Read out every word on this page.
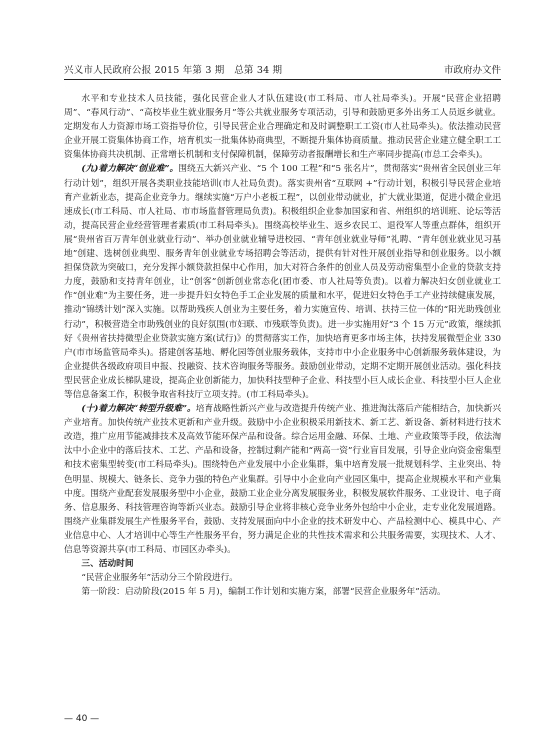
兴义市人民政府公报 2015 年第 3 期　总第 34 期	市政府办文件

水平和专业技术人员技能，强化民营企业人才队伍建设(市工科局、市人社局牵头)。开展“民营企业招聘周”、“春风行动”、“高校毕业生就业服务月”等公共就业服务专项活动，引导和鼓励更多外出务工人员返乡就业。定期发布人力资源市场工资指导价位，引导民营企业合理确定和及时调整职工工资(市人社局牵头)。依法推动民营企业开展工资集体协商工作，培育机实一批集体协商典型，不断提升集体协商质量。推动民营企业建立健全职工工资集体协商共决机制、正常增长机制和支付保障机制，保障劳动者报酬增长和生产率同步提高(市总工会牵头)。

(九)着力解决“创业难”。围绕五大新兴产业、“5 个 100 工程”和“5 张名片”，贯彻落实“贵州省全民创业三年行动计划”，组织开展各类职业技能培训(市人社局负责)。落实贵州省“互联网 +”行动计划，积极引导民营企业培育产业新业态，提高企业竞争力。继续实施“万户小老板工程”，以创业带动就业，扩大就业渠道，促进小微企业迅速成长(市工科局、市人社局、市市场监督管理局负责)。积极组织企业参加国家和省、州组织的培训班、论坛等活动，提高民营企业经营管理者素质(市工科局牵头)。围绕高校毕业生、返乡农民工、退役军人等重点群体，组织开展“贵州省百万青年创业就业行动”、举办创业就业辅导进校园、“青年创业就业导师”礼聘、“青年创业就业见习基地”创建、选树创业典型、服务青年创业就业专场招聘会等活动，提供有针对性开展创业指导和创业服务。以小额担保贷款为突破口，充分发挥小额贷款担保中心作用，加大对符合条件的创业人员及劳动密集型小企业的贷款支持力度，鼓励和支持青年创业，让“创客”创新创业常态化(团市委、市人社局等负责)。以着力解决妇女创业就业工作“创业难”为主要任务，进一步提升妇女特色手工企业发展的质量和水平，促进妇女特色手工产业持续健康发展，推动“锦绣计划”深入实施。以帮助残疾人创业为主要任务，着力实施宣传、培训、扶持三位一体的“阳光助残创业行动”，积极营造全市助残创业的良好氛围(市妇联、市残联等负责)。进一步实施用好“3 个 15 万元”政策，继续抓好《贵州省扶持微型企业贷款实施方案(试行)》的贯彻落实工作，加快培育更多市场主体，扶持发展微型企业 330 户(市市场监管局牵头)。搭建创客基地、孵化园等创业服务载体，支持市中小企业服务中心创新服务载体建设，为企业提供各级政府项目申报、投融资、技术咨询服务等服务。鼓励创业带动，定期不定期开展创业活动。强化科技型民营企业成长梯队建设，提高企业创新能力，加快科技型种子企业、科技型小巨人成长企业、科技型小巨人企业等信息备案工作，积极争取省科技厅立项支持。(市工科局牵头)。

(十)着力解决“转型升级难”。培育战略性新兴产业与改造提升传统产业、推进淘汰落后产能相结合，加快新兴产业培育。加快传统产业技术更新和产业升级。鼓励中小企业积极采用新技术、新工艺、新设备、新材料进行技术改造，推广应用节能减排技术及高效节能环保产品和设备。综合运用金融、环保、土地、产业政策等手段，依法淘汰中小企业中的落后技术、工艺、产品和设备，控制过剩产能和“两高一资”行业盲目发展，引导企业向资金密集型和技术密集型转变(市工科局牵头)。围绕特色产业发展中小企业集群，集中培育发展一批规划科学、主业突出、特色明显、规模大、链条长、竞争力强的特色产业集群。引导中小企业向产业园区集中，提高企业规模水平和产业集中度。围绕产业配套发展服务型中小企业，鼓励工业企业分离发展服务业，积极发展软件服务、工业设计、电子商务、信息服务、科技管理咨询等新兴业态。鼓励引导企业将非核心竞争业务外包给中小企业，走专业化发展道路。围绕产业集群发展生产性服务平台，鼓励、支持发展面向中小企业的技术研发中心、产品检测中心、模具中心、产业信息中心、人才培训中心等生产性服务平台，努力满足企业的共性技术需求和公共服务需要，实现技术、人才、信息等资源共享(市工科局、市园区办牵头)。

三、活动时间

“民营企业服务年”活动分三个阶段进行。

第一阶段：启动阶段(2015 年 5 月)，编制工作计划和实施方案，部署“民营企业服务年”活动。

— 40 —
